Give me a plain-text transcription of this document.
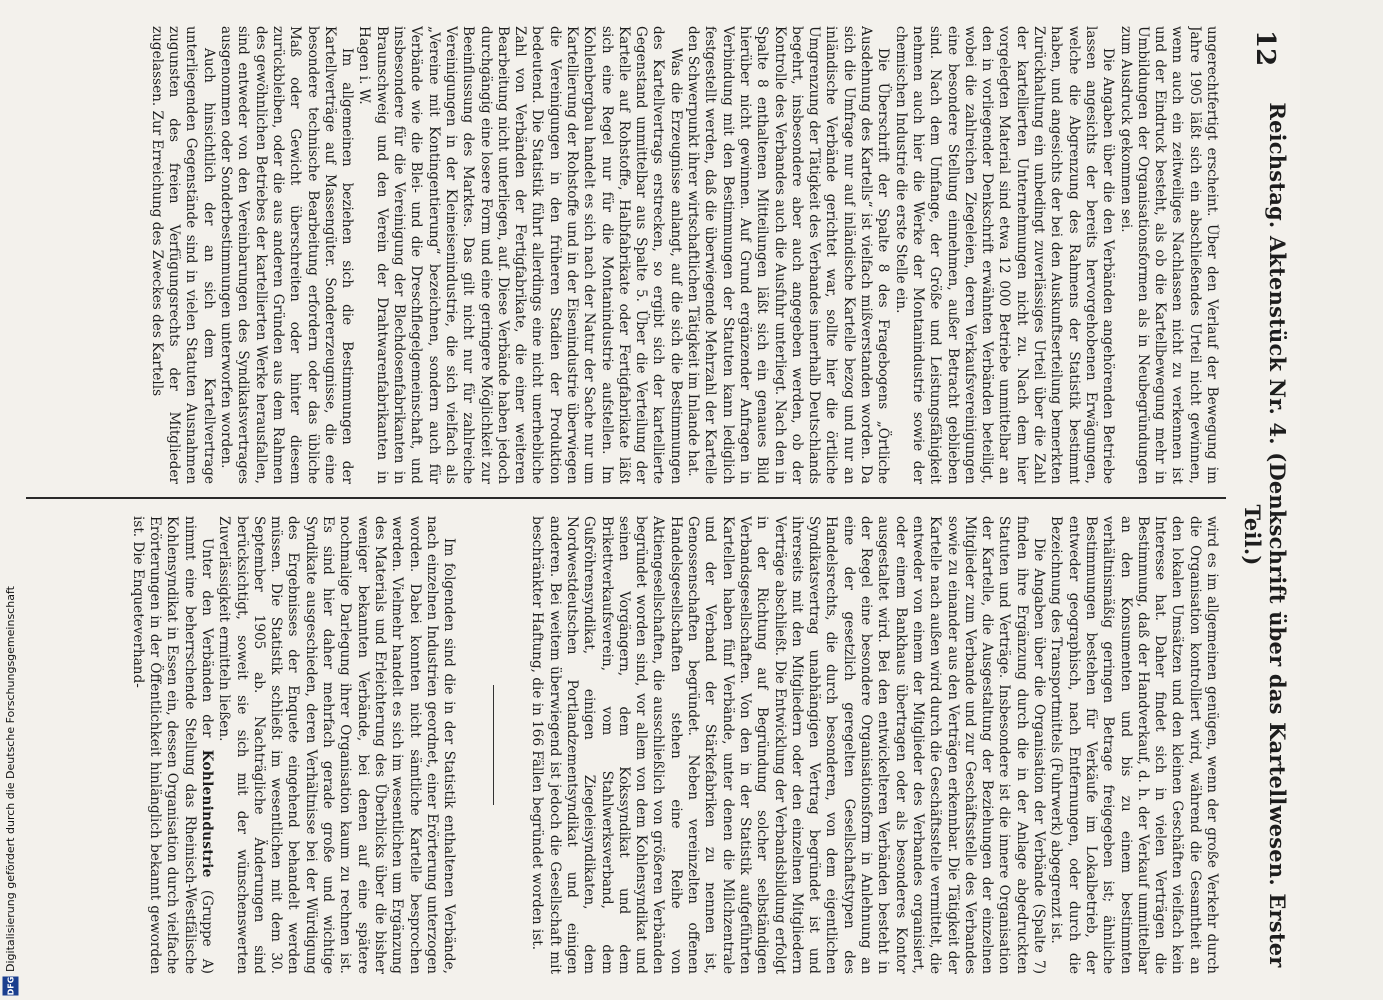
12
Reichstag. Aktenstück Nr. 4. (Denkschrift über das Kartellwesen. Erster Teil.)

ungerechtfertigt erscheint. Über den Verlauf der Bewegung im Jahre 1905 läßt sich ein abschließendes Urteil nicht gewinnen, wenn auch ein zeitweiliges Nachlassen nicht zu verkennen ist und der Eindruck besteht, als ob die Kartellbewegung mehr in Umbildungen der Organisationsformen als in Neubegründungen zum Ausdruck gekommen sei.

Die Angaben über die den Verbänden angehörenden Betriebe lassen angesichts der bereits hervorgehobenen Erwägungen, welche die Abgrenzung des Rahmens der Statistik bestimmt haben, und angesichts der bei den Auskunftserteilung bemerkten Zurückhaltung ein unbedingt zuverlässiges Urteil über die Zahl der kartellierten Unternehmungen nicht zu. Nach dem hier vorgelegten Material sind etwa 12 000 Betriebe unmittelbar an den in vorliegender Denkschrift erwähnten Verbänden beteiligt, wobei die zahlreichen Ziegeleien, deren Verkaufsvereinigungen eine besondere Stellung einnehmen, außer Betracht geblieben sind. Nach dem Umfange, der Größe und Leistungsfähigkeit nehmen auch hier die Werke der Montanindustrie sowie der chemischen Industrie die erste Stelle ein.

Die Überschrift der Spalte 8 des Fragebogens „Örtliche Ausdehnung des Kartells“ ist vielfach mißverstanden worden. Da sich die Umfrage nur auf inländische Kartelle bezog und nur an inländische Verbände gerichtet war, sollte hier die örtliche Umgrenzung der Tätigkeit des Verbandes innerhalb Deutschlands begehrt, insbesondere aber auch angegeben werden, ob der Kontrolle des Verbandes auch die Ausfuhr unterliegt. Nach den in Spalte 8 enthaltenen Mitteilungen läßt sich ein genaues Bild hierüber nicht gewinnen. Auf Grund ergänzender Anfragen in Verbindung mit den Bestimmungen der Statuten kann lediglich festgestellt werden, daß die überwiegende Mehrzahl der Kartelle den Schwerpunkt ihrer wirtschaftlichen Tätigkeit im Inlande hat.

Was die Erzeugnisse anlangt, auf die sich die Bestimmungen des Kartellvertrags erstrecken, so ergibt sich der kartellierte Gegenstand unmittelbar aus Spalte 5. Über die Verteilung der Kartelle auf Rohstoffe, Halbfabrikate oder Fertigfabrikate läßt sich eine Regel nur für die Montanindustrie aufstellen. Im Kohlenbergbau handelt es sich nach der Natur der Sache nur um Kartellierung der Rohstoffe und in der Eisenindustrie überwiegen die Vereinigungen in den früheren Stadien der Produktion bedeutend. Die Statistik führt allerdings eine nicht unerhebliche Zahl von Verbänden der Fertigfabrikate, die einer weiteren Bearbeitung nicht unterliegen, auf. Diese Verbände haben jedoch durchgängig eine losere Form und eine geringere Möglichkeit zur Beeinflussung des Marktes. Das gilt nicht nur für zahlreiche Vereinigungen in der Kleineisenindustrie, die sich vielfach als „Vereine mit Kontingentierung“ bezeichnen, sondern auch für Verbände wie die Blei- und die Dreschflegelgemeinschaft, und insbesondere für die Vereinigung der Blechdosenfabrikanten in Braunschweig und den Verein der Drahtwarenfabrikanten in Hagen i. W.

Im allgemeinen beziehen sich die Bestimmungen der Kartellverträge auf Massengüter. Sondererzeugnisse, die eine besondere technische Bearbeitung erfordern oder das übliche Maß oder Gewicht überschreiten oder hinter diesem zurückbleiben, oder die aus anderen Gründen aus dem Rahmen des gewöhnlichen Betriebes der kartellierten Werke herausfallen, sind entweder von den Vereinbarungen des Syndikatsvertrages ausgenommen oder Sonderbestimmungen unterworfen worden.

Auch hinsichtlich der an sich dem Kartellvertrage unterliegenden Gegenstände sind in vielen Statuten Ausnahmen zugunsten des freien Verfügungsrechts der Mitglieder zugelassen. Zur Erreichung des Zweckes des Kartells

wird es im allgemeinen genügen, wenn der große Verkehr durch die Organisation kontrolliert wird, während die Gesamtheit an den lokalen Umsätzen und den kleinen Geschäften vielfach kein Interesse hat. Daher findet sich in vielen Verträgen die Bestimmung, daß der Handverkauf, d. h. der Verkauf unmittelbar an den Konsumenten und bis zu einem bestimmten verhältnismäßig geringen Betrage freigegeben ist; ähnliche Bestimmungen bestehen für Verkäufe im Lokalbetrieb, der entweder geographisch, nach Entfernungen, oder durch die Bezeichnung des Transportmittels (Fuhrwerk) abgegrenzt ist.

Die Angaben über die Organisation der Verbände (Spalte 7) finden ihre Ergänzung durch die in der Anlage abgedruckten Statuten und Verträge. Insbesondere ist die innere Organisation der Kartelle, die Ausgestaltung der Beziehungen der einzelnen Mitglieder zum Verbande und zur Geschäftsstelle des Verbandes sowie zu einander aus den Verträgen erkennbar. Die Tätigkeit der Kartelle nach außen wird durch die Geschäftsstelle vermittelt, die entweder von einem der Mitglieder des Verbandes organisiert, oder einem Bankhaus übertragen oder als besonderes Kontor ausgestaltet wird. Bei den entwickelteren Verbänden besteht in der Regel eine besondere Organisationsform in Anlehnung an eine der gesetzlich geregelten Gesellschaftstypen des Handelsrechts, die durch besonderen, von dem eigentlichen Syndikatsvertrag unabhängigen Vertrag begründet ist und ihrerseits mit den Mitgliedern oder den einzelnen Mitgliedern Verträge abschließt. Die Entwicklung der Verbandsbildung erfolgt in der Richtung auf Begründung solcher selbständigen Verbandsgesellschaften. Von den in der Statistik aufgeführten Kartellen haben fünf Verbände, unter denen die Milchzentrale und der Verband der Stärkefabriken zu nennen ist, Genossenschaften begründet. Neben vereinzelten offenen Handelsgesellschaften stehen eine Reihe von Aktiengesellschaften, die ausschließlich von größeren Verbänden begründet worden sind, vor allem von dem Kohlensyndikat und seinen Vorgängern, dem Kokssyndikat und dem Brikettverkaufsverein, vom Stahlwerksverband, dem Gußröhrensyndikat, einigen Ziegeleisyndikaten, dem Nordwestdeutschen Portlandzementsyndikat und einigen anderen. Bei weitem überwiegend ist jedoch die Gesellschaft mit beschränkter Haftung, die in 166 Fällen begründet worden ist.

Im folgenden sind die in der Statistik enthaltenen Verbände, nach einzelnen Industrien geordnet, einer Erörterung unterzogen worden. Dabei konnten nicht sämtliche Kartelle besprochen werden. Vielmehr handelt es sich im wesentlichen um Ergänzung des Materials und Erleichterung des Überblicks über die bisher weniger bekannten Verbände, bei denen auf eine spätere nochmalige Darlegung ihrer Organisation kaum zu rechnen ist. Es sind hier daher mehrfach gerade große und wichtige Syndikate ausgeschieden, deren Verhältnisse bei der Würdigung des Ergebnisses der Enquete eingehend behandelt werden müssen. Die Statistik schließt im wesentlichen mit dem 30. September 1905 ab. Nachträgliche Änderungen sind berücksichtigt, soweit sie sich mit der wünschenswerten Zuverlässigkeit ermitteln ließen.

Unter den Verbänden der Kohlenindustrie (Gruppe A) nimmt eine beherrschende Stellung das Rheinisch-Westfälische Kohlensyndikat in Essen ein, dessen Organisation durch vielfache Erörterungen in der Öffentlichkeit hinlänglich bekannt geworden ist. Die Enqueteverhand-

Digitalisierung gefördert durch die Deutsche Forschungsgemeinschaft
DFG
